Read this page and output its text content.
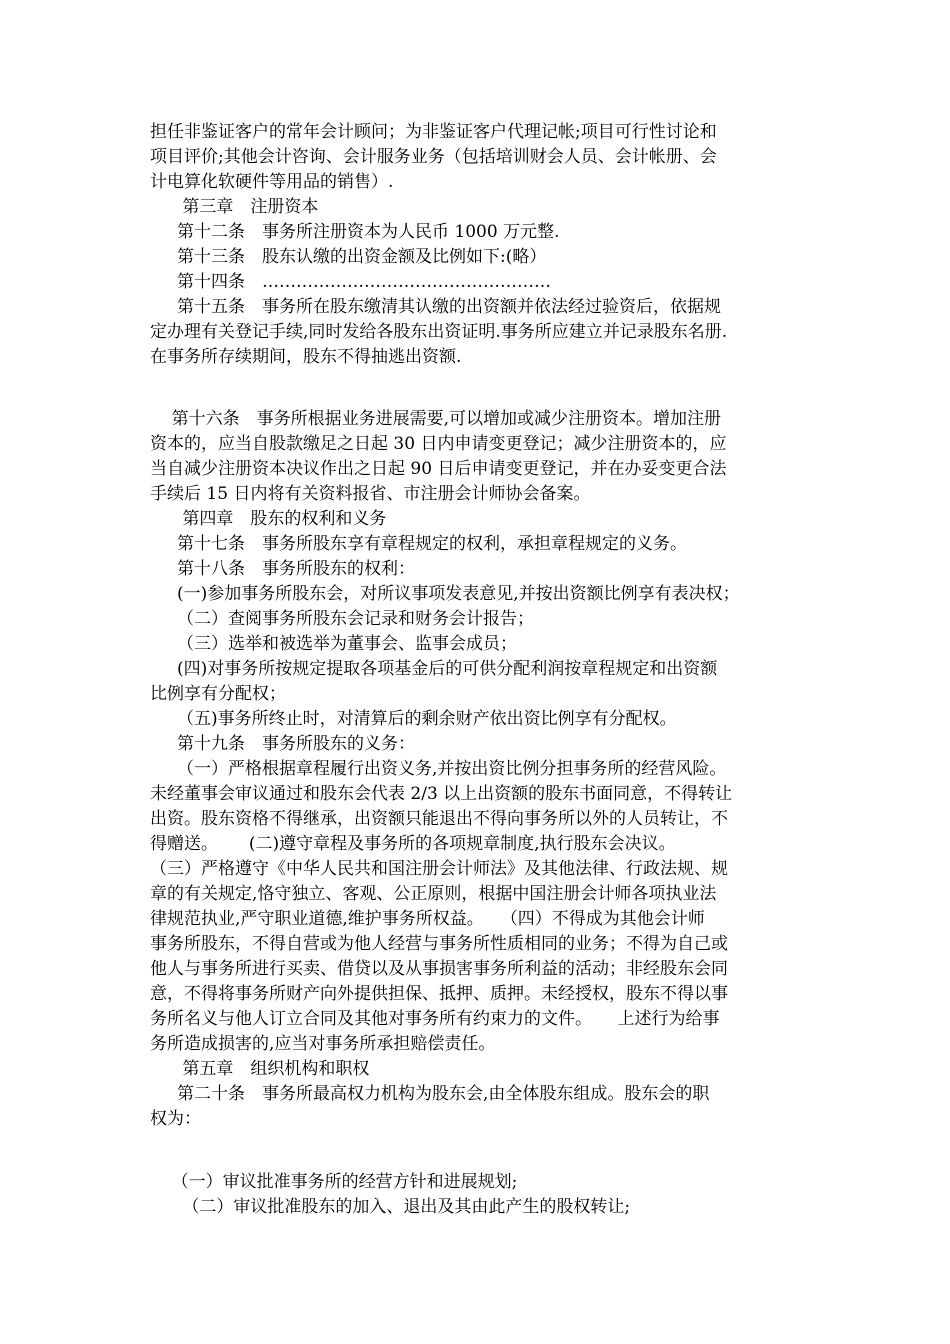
担任非鉴证客户的常年会计顾问；为非鉴证客户代理记帐;项目可行性讨论和
项目评价;其他会计咨询、会计服务业务（包括培训财会人员、会计帐册、会
计电算化软硬件等用品的销售）.
第三章　注册资本
第十二条　事务所注册资本为人民币 1000 万元整.
第十三条　股东认缴的出资金额及比例如下:(略）
第十四条　……………………………………………
第十五条　事务所在股东缴清其认缴的出资额并依法经过验资后，依据规
定办理有关登记手续,同时发给各股东出资证明.事务所应建立并记录股东名册.
在事务所存续期间，股东不得抽逃出资额.
第十六条　事务所根据业务进展需要,可以增加或减少注册资本。增加注册
资本的，应当自股款缴足之日起 30 日内申请变更登记；减少注册资本的，应
当自减少注册资本决议作出之日起 90 日后申请变更登记，并在办妥变更合法
手续后 15 日内将有关资料报省、市注册会计师协会备案。
第四章　股东的权利和义务
第十七条　事务所股东享有章程规定的权利，承担章程规定的义务。
第十八条　事务所股东的权利：
(一)参加事务所股东会，对所议事项发表意见,并按出资额比例享有表决权；
（二）查阅事务所股东会记录和财务会计报告；
（三）选举和被选举为董事会、监事会成员；
(四)对事务所按规定提取各项基金后的可供分配利润按章程规定和出资额
比例享有分配权；
（五)事务所终止时，对清算后的剩余财产依出资比例享有分配权。
第十九条　事务所股东的义务：
（一）严格根据章程履行出资义务,并按出资比例分担事务所的经营风险。
未经董事会审议通过和股东会代表 2/3 以上出资额的股东书面同意，不得转让
出资。股东资格不得继承，出资额只能退出不得向事务所以外的人员转让，不
得赠送。　　 (二)遵守章程及事务所的各项规章制度,执行股东会决议。
（三）严格遵守《中华人民共和国注册会计师法》及其他法律、行政法规、规
章的有关规定,恪守独立、客观、公正原则，根据中国注册会计师各项执业法
律规范执业,严守职业道德,维护事务所权益。　　（四）不得成为其他会计师
事务所股东，不得自营或为他人经营与事务所性质相同的业务；不得为自己或
他人与事务所进行买卖、借贷以及从事损害事务所利益的活动；非经股东会同
意，不得将事务所财产向外提供担保、抵押、质押。未经授权，股东不得以事
务所名义与他人订立合同及其他对事务所有约束力的文件。　　上述行为给事
务所造成损害的,应当对事务所承担赔偿责任。
第五章　组织机构和职权
第二十条　事务所最高权力机构为股东会,由全体股东组成。股东会的职
权为：
（一）审议批准事务所的经营方针和进展规划;
（二）审议批准股东的加入、退出及其由此产生的股权转让;
